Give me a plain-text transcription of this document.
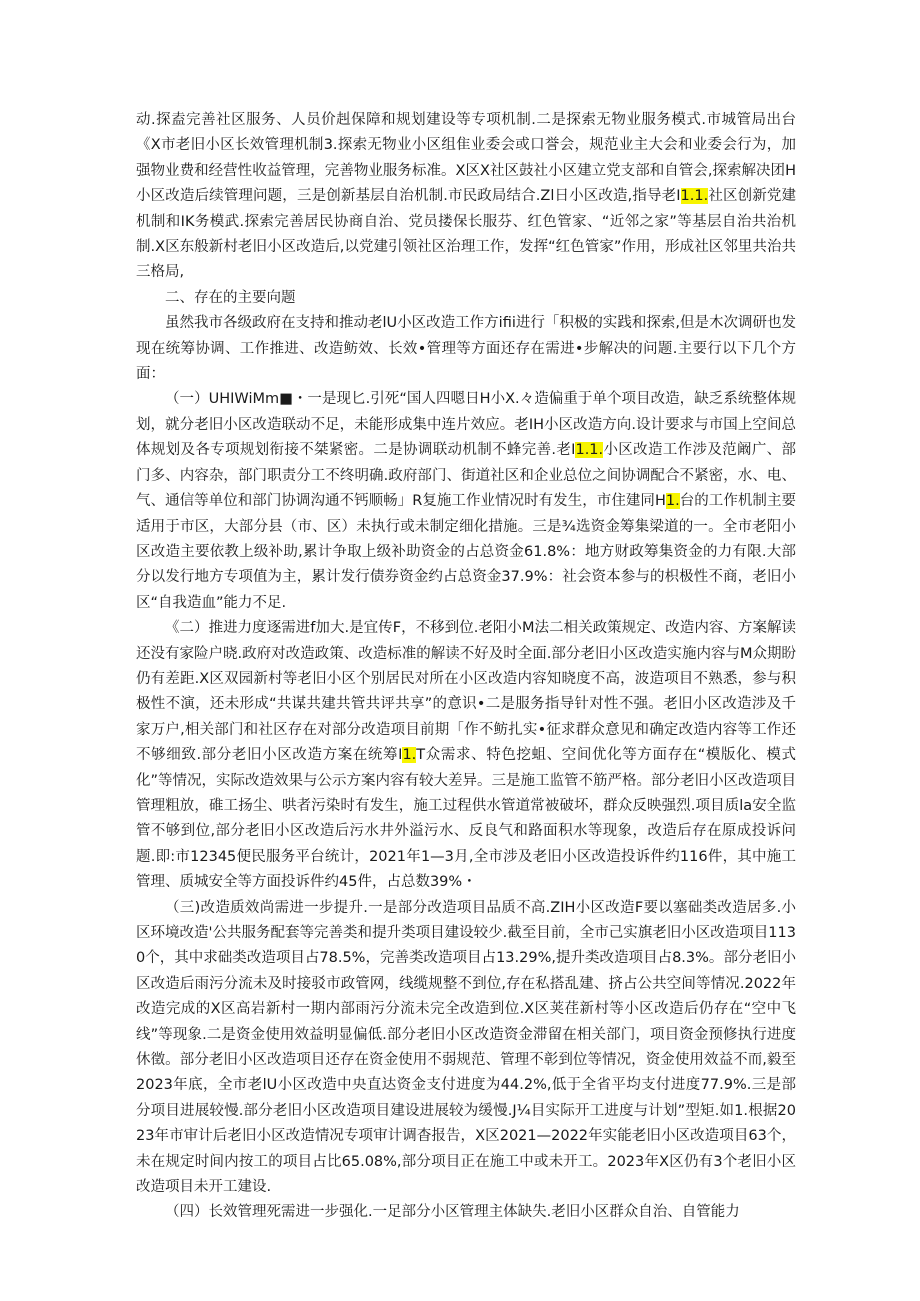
动.探盍完善社区服务、人员价赳保障和规划建设等专项机制.二是探索无物业服务模式.市城管局出台《X市老旧小区长效管理机制3.探索无物业小区组隹业委会或口誉会，规范业主大会和业委会行为，加强物业费和经营性收益管理，完善物业服务标准。X区X社区鼓社小区建立党支部和自管会,探索解决团H小区改造后续管理问题，三是创新基层自治机制.市民政局结合.Zl日小区改造,指导老I1.1.社区创新党建机制和IK务模武.探索完善居民协商自治、党员搂保长服芬、红色管家、“近邻之家”等基层自治共治机制.X区东般新村老旧小区改造后,以党建引领社区治理工作，发挥“红色管家”作用，形成社区邻里共治共三格局,

二、存在的主要向题

虽然我市各级政府在支持和推动老lU小区改造工作方ifii进行「积极的实践和探索,但是木次调研也发现在统筹协调、工作推进、改造鲂效、长效•管理等方面还存在需进•步解决的问题.主要行以下几个方面：

（一）UHIWiMm■・一是现匕.引死“国人四嗯日H小X.々造偏重于单个项目改造，缺乏系统整体规划，就分老旧小区改造联动不足，未能形成集中连片效应。老IH小区改造方向.设计要求与市国上空间总体规划及各专项规划衔接不桀紧密。二是协调联动机制不蜂完善.老I1.1.小区改造工作涉及范阚广、部门多、内容杂，部门职责分工不终明确.政府部门、街道社区和企业总位之间协调配合不紧密，水、电、气、通信等单位和部门协调沟通不钙顺畅」R复施工作业情况时有发生，市住建同H1.台的工作机制主要适用于市区，大部分县（市、区）未执行或未制定细化措施。三是¾选资金筹集梁道的一。全市老阳小区改造主要依教上级补助,累计争取上级补助资金的占总资金61.8%：地方财政筹集资金的力有限.大部分以发行地方专项值为主，累计发行债券资金约占总资金37.9%：社会资本参与的枳极性不商，老旧小区“自我造血”能力不足.

《二）推进力度逐需进f加大.是宜传F，不移到位.老阳小M法二相关政策规定、改造内容、方案解读还没有家险户晓.政府对改造政策、改造标准的解读不好及时全面.部分老旧小区改造实施内容与M众期盼仍有差距.X区双园新村等老旧小区个别居民对所在小区改造内容知晓度不高，波造项目不熟悉，参与积极性不演，还未形成“共谋共建共管共评共享”的意识•二是服务指导针对性不强。老旧小区改造涉及千家万户,相关部门和社区存在对部分改造项目前期「作不鲂扎实•征求群众意见和确定改造内容等工作还不够细致.部分老旧小区改造方案在统筹I1.T众需求、特色挖蛆、空间优化等方面存在“模版化、模式化”等情况，实际改造效果与公示方案内容有较大差异。三是施工监管不筋严格。部分老旧小区改造项目管理粗放，碓工扬尘、哄者污染时有发生，施工过程供水管道常被破坏，群众反映强烈.项目质la安全监管不够到位,部分老旧小区改造后污水井外溢污水、反良气和路面积水等现象，改造后存在原成投诉问题.即:市12345便民服务平台统计，2021年1—3月,全市涉及老旧小区改造投诉件约116件，其中施工管理、质城安全等方面投诉件约45件，占总数39%・

（三)改造质效尚需进一步提升.一是部分改造项目品质不高.ZIH小区改造F要以塞础类改造居多.小区环境改造'公共服务配套等完善类和提升类项目建设较少.截至目前，全市己实旗老旧小区改造项目1130个，其中求础类改造项目占78.5%，完善类改造项目占13.29%,提升类改造项目占8.3%。部分老旧小区改造后雨污分流未及时接驳市政管网，线缆规整不到位,存在私搭乱建、挤占公共空间等情况.2022年改造完成的X区高岩新村一期内部雨污分流未完全改造到位.X区荚荏新村等小区改造后仍存在“空中飞线”等现象.二是资金使用效益明显偏低.部分老旧小区改造资金滞留在相关部门，项目资金预修执行进度休徵。部分老旧小区改造项目还存在资金使用不弱规范、管理不彰到位等情况，资金使用效益不而,毅至2023年底，全市老lU小区改造中央直达资金支付进度为44.2%,低于全省平均支付进度77.9%.三是部分项目进展较慢.部分老旧小区改造项目建设进展较为缓慢.J¼目实际开工进度与计划”型矩.如1.根据2023年市审计后老旧小区改造情况专项审计调杳报告，X区2021—2022年实能老旧小区改造项目63个，未在规定时间内按工的项目占比65.08%,部分项目正在施工中或未开工。2023年X区仍有3个老旧小区改造项目未开工建设.

（四）长效管理死需进一步强化.一足部分小区管理主体缺失.老旧小区群众自治、自管能力
